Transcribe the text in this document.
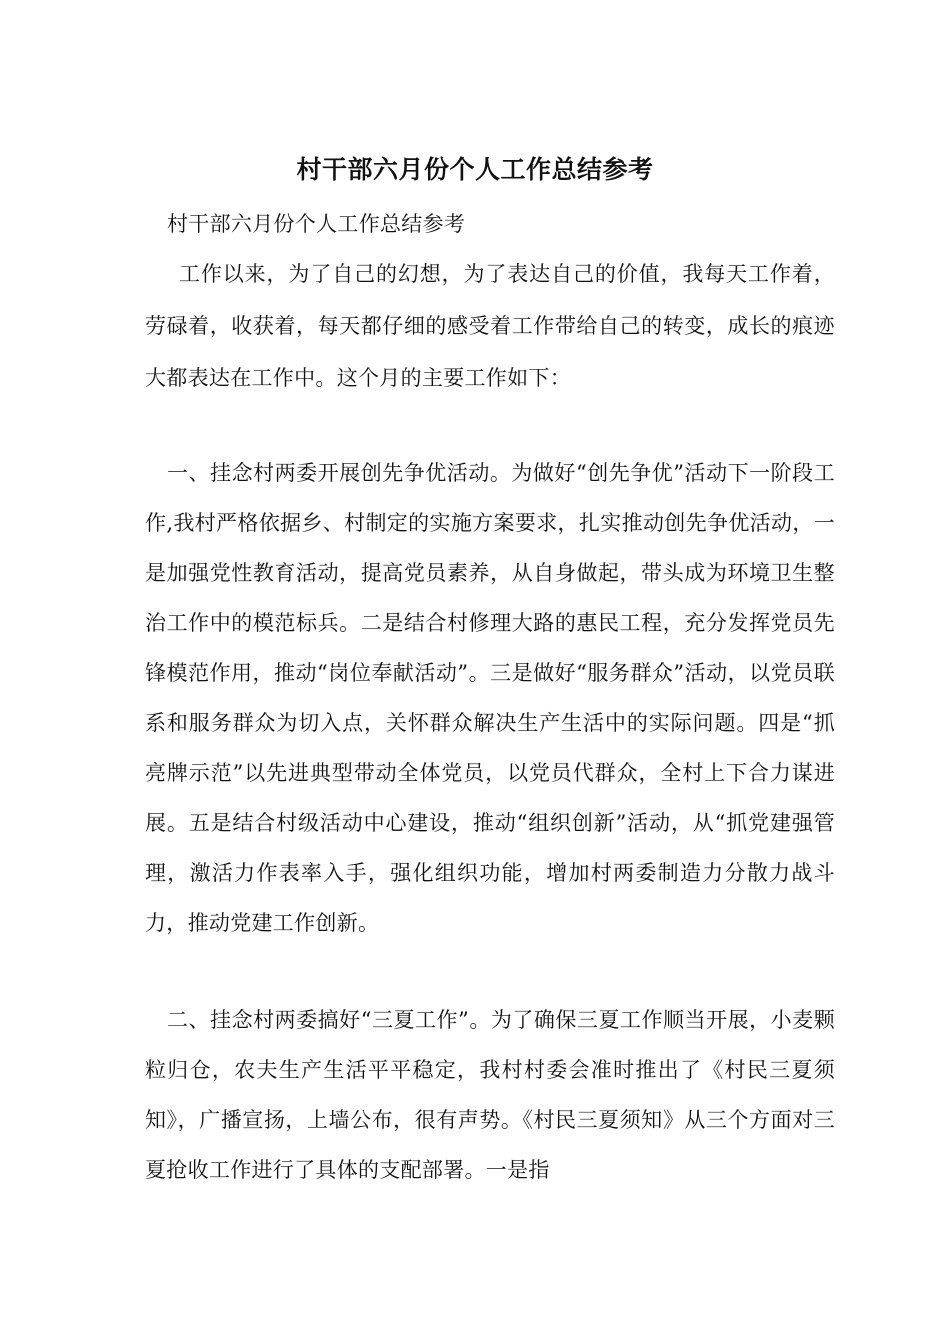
村干部六月份个人工作总结参考

村干部六月份个人工作总结参考

工作以来，为了自己的幻想，为了表达自己的价值，我每天工作着，劳碌着，收获着，每天都仔细的感受着工作带给自己的转变，成长的痕迹大都表达在工作中。这个月的主要工作如下：

一、挂念村两委开展创先争优活动。为做好“创先争优”活动下一阶段工作,我村严格依据乡、村制定的实施方案要求，扎实推动创先争优活动，一是加强党性教育活动，提高党员素养，从自身做起，带头成为环境卫生整治工作中的模范标兵。二是结合村修理大路的惠民工程，充分发挥党员先锋模范作用，推动“岗位奉献活动”。三是做好“服务群众”活动，以党员联系和服务群众为切入点，关怀群众解决生产生活中的实际问题。四是“抓亮牌示范”以先进典型带动全体党员，以党员代群众，全村上下合力谋进展。五是结合村级活动中心建设，推动“组织创新”活动，从“抓党建强管理，激活力作表率入手，强化组织功能，增加村两委制造力分散力战斗力，推动党建工作创新。

二、挂念村两委搞好“三夏工作”。为了确保三夏工作顺当开展，小麦颗粒归仓，农夫生产生活平平稳定，我村村委会准时推出了《村民三夏须知》，广播宣扬，上墙公布，很有声势。《村民三夏须知》从三个方面对三夏抢收工作进行了具体的支配部署。一是指
